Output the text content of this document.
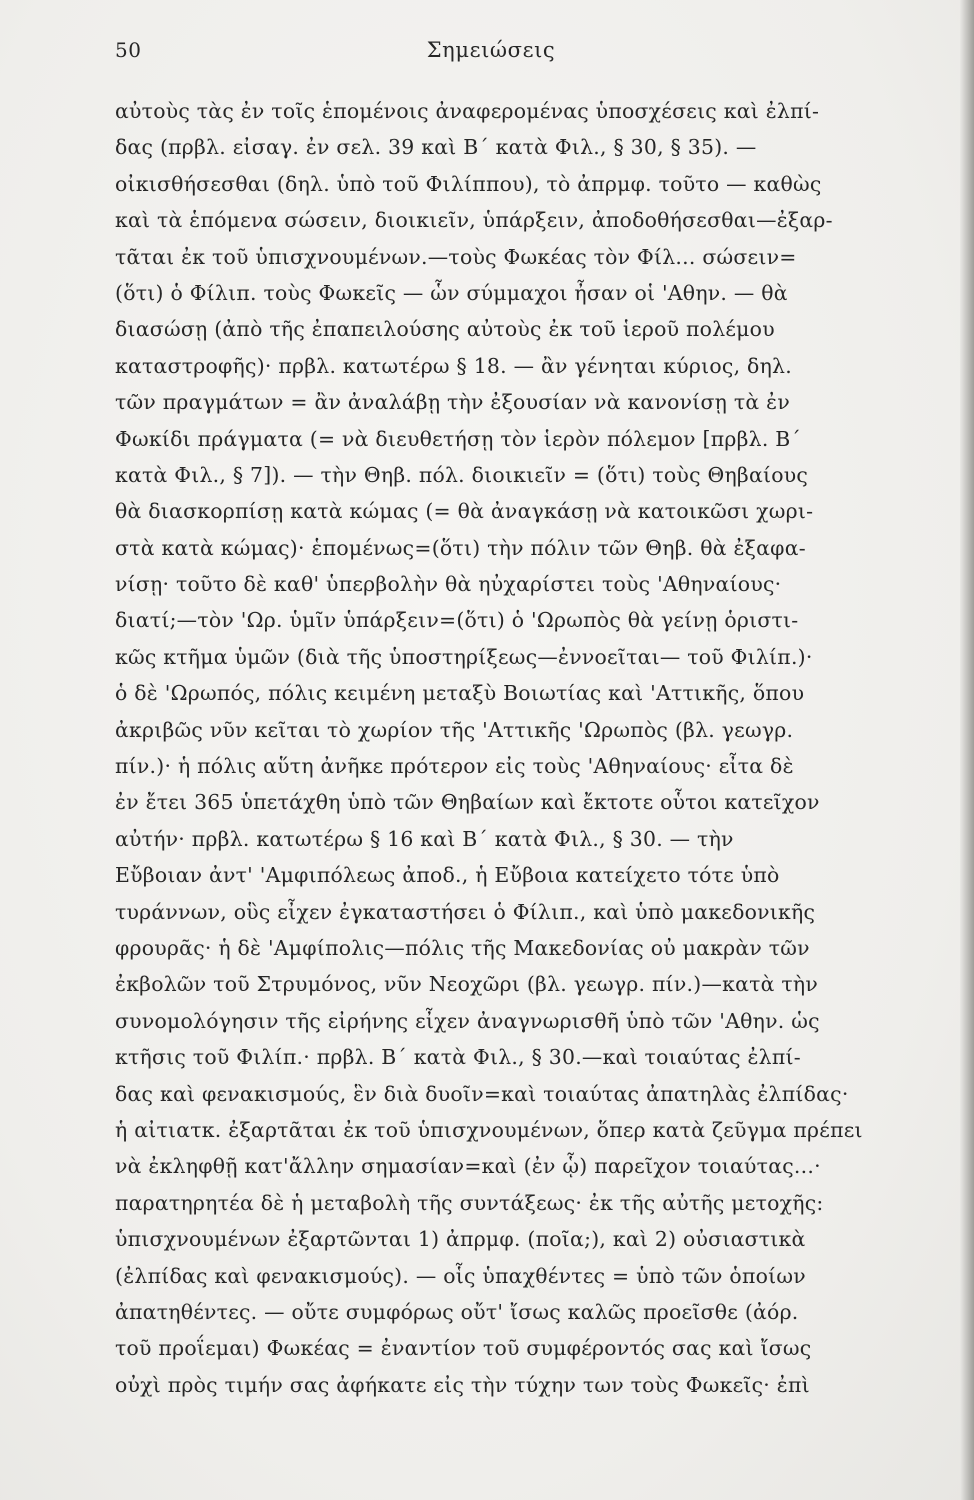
50	Σημειώσεις
αὐτοὺς τὰς ἐν τοῖς ἑπομένοις ἀναφερομένας ὑποσχέσεις καὶ ἐλπί-
δας (πρβλ. εἰσαγ. ἐν σελ. 39 καὶ Β΄ κατὰ Φιλ., § 30, § 35). —
οἰκισθήσεσθαι (δηλ. ὑπὸ τοῦ Φιλίππου), τὸ ἀπρμφ. τοῦτο — καθὼς
καὶ τὰ ἑπόμενα σώσειν, διοικιεῖν, ὑπάρξειν, ἀποδοθήσεσθαι—ἐξαρ-
τᾶται ἐκ τοῦ ὑπισχνουμένων.—τοὺς Φωκέας τὸν Φίλ... σώσειν=
(ὅτι) ὁ Φίλιπ. τοὺς Φωκεῖς — ὧν σύμμαχοι ἦσαν οἱ 'Αθην. — θὰ
διασώσῃ (ἀπὸ τῆς ἐπαπειλούσης αὐτοὺς ἐκ τοῦ ἱεροῦ πολέμου
καταστροφῆς)· πρβλ. κατωτέρω § 18. — ἂν γένηται κύριος, δηλ.
τῶν πραγμάτων = ἂν ἀναλάβῃ τὴν ἐξουσίαν νὰ κανονίσῃ τὰ ἐν
Φωκίδι πράγματα (= νὰ διευθετήσῃ τὸν ἱερὸν πόλεμον [πρβλ. Β΄
κατὰ Φιλ., § 7]). — τὴν Θηβ. πόλ. διοικιεῖν = (ὅτι) τοὺς Θηβαίους
θὰ διασκορπίσῃ κατὰ κώμας (= θὰ ἀναγκάσῃ νὰ κατοικῶσι χωρι-
στὰ κατὰ κώμας)· ἑπομένως=(ὅτι) τὴν πόλιν τῶν Θηβ. θὰ ἐξαφα-
νίσῃ· τοῦτο δὲ καθ' ὑπερβολὴν θὰ ηὐχαρίστει τοὺς 'Αθηναίους·
διατί;—τὸν 'Ωρ. ὑμῖν ὑπάρξειν=(ὅτι) ὁ 'Ωρωπὸς θὰ γείνῃ ὁριστι-
κῶς κτῆμα ὑμῶν (διὰ τῆς ὑποστηρίξεως—ἐννοεῖται— τοῦ Φιλίπ.)·
ὁ δὲ 'Ωρωπός, πόλις κειμένη μεταξὺ Βοιωτίας καὶ 'Αττικῆς, ὅπου
ἀκριβῶς νῦν κεῖται τὸ χωρίον τῆς 'Αττικῆς 'Ωρωπὸς (βλ. γεωγρ.
πίν.)· ἡ πόλις αὕτη ἀνῆκε πρότερον εἰς τοὺς 'Αθηναίους· εἶτα δὲ
ἐν ἔτει 365 ὑπετάχθη ὑπὸ τῶν Θηβαίων καὶ ἔκτοτε οὗτοι κατεῖχον
αὐτήν· πρβλ. κατωτέρω § 16 καὶ Β΄ κατὰ Φιλ., § 30. — τὴν
Εὔβοιαν ἀντ' 'Αμφιπόλεως ἀποδ., ἡ Εὔβοια κατείχετο τότε ὑπὸ
τυράννων, οὓς εἶχεν ἐγκαταστήσει ὁ Φίλιπ., καὶ ὑπὸ μακεδονικῆς
φρουρᾶς· ἡ δὲ 'Αμφίπολις—πόλις τῆς Μακεδονίας οὐ μακρὰν τῶν
ἐκβολῶν τοῦ Στρυμόνος, νῦν Νεοχῶρι (βλ. γεωγρ. πίν.)—κατὰ τὴν
συνομολόγησιν τῆς εἰρήνης εἶχεν ἀναγνωρισθῆ ὑπὸ τῶν 'Αθην. ὡς
κτῆσις τοῦ Φιλίπ.· πρβλ. Β΄ κατὰ Φιλ., § 30.—καὶ τοιαύτας ἐλπί-
δας καὶ φενακισμούς, ἓν διὰ δυοῖν=καὶ τοιαύτας ἀπατηλὰς ἐλπίδας·
ἡ αἰτιατκ. ἐξαρτᾶται ἐκ τοῦ ὑπισχνουμένων, ὅπερ κατὰ ζεῦγμα πρέπει
νὰ ἐκληφθῇ κατ'ἄλλην σημασίαν=καὶ (ἐν ᾧ) παρεῖχον τοιαύτας...·
παρατηρητέα δὲ ἡ μεταβολὴ τῆς συντάξεως· ἐκ τῆς αὐτῆς μετοχῆς:
ὑπισχνουμένων ἐξαρτῶνται 1) ἀπρμφ. (ποῖα;), καὶ 2) οὐσιαστικὰ
(ἐλπίδας καὶ φενακισμούς). — οἷς ὑπαχθέντες = ὑπὸ τῶν ὁποίων
ἀπατηθέντες. — οὔτε συμφόρως οὔτ' ἴσως καλῶς προεῖσθε (ἀόρ.
τοῦ προΐεμαι) Φωκέας = ἐναντίον τοῦ συμφέροντός σας καὶ ἴσως
οὐχὶ πρὸς τιμήν σας ἀφήκατε εἰς τὴν τύχην των τοὺς Φωκεῖς· ἐπὶ
